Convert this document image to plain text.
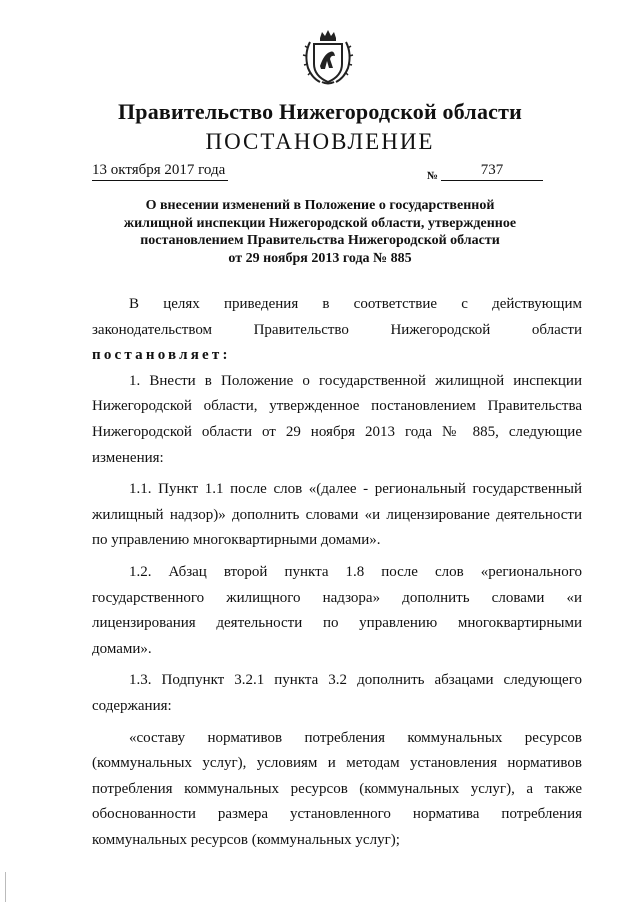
Правительство Нижегородской области
ПОСТАНОВЛЕНИЕ
13 октября 2017 года	№	737
О внесении изменений в Положение о государственной
жилищной инспекции Нижегородской области, утвержденное
постановлением Правительства Нижегородской области
от 29 ноября 2013 года № 885

В целях приведения в соответствие с действующим

законодательством Правительство Нижегородской области

постановляет:

1. Внести в Положение о государственной жилищной инспекции

Нижегородской области, утвержденное постановлением Правительства

Нижегородской области от 29 ноября 2013 года № 885, следующие

изменения:

1.1. Пункт 1.1 после слов «(далее - региональный государственный

жилищный надзор)» дополнить словами «и лицензирование деятельности

по управлению многоквартирными домами».

1.2. Абзац второй пункта 1.8 после слов «регионального

государственного жилищного надзора» дополнить словами «и

лицензирования деятельности по управлению многоквартирными

домами».

1.3. Подпункт 3.2.1 пункта 3.2 дополнить абзацами следующего

содержания:

«составу нормативов потребления коммунальных ресурсов

(коммунальных услуг), условиям и методам установления нормативов

потребления коммунальных ресурсов (коммунальных услуг), а также

обоснованности размера установленного норматива потребления

коммунальных ресурсов (коммунальных услуг);
